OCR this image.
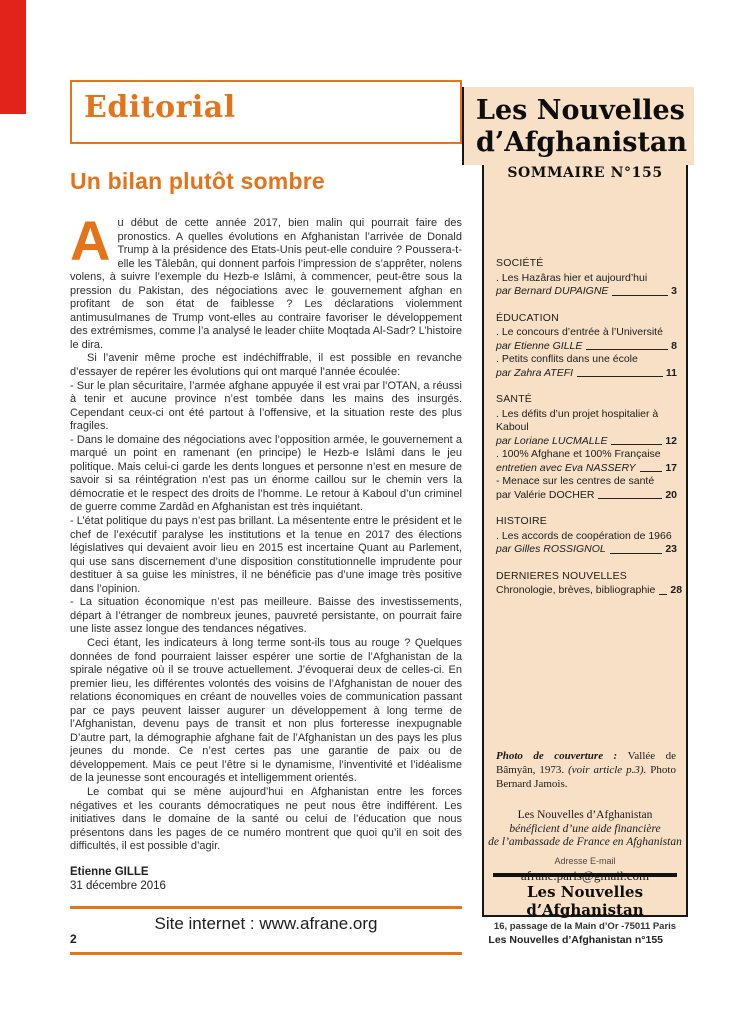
Editorial
Un bilan plutôt sombre

Au début de cette année 2017, bien malin qui pourrait faire des pronostics. A quelles évolutions en Afghanistan l’arrivée de Donald Trump à la présidence des Etats-Unis peut-elle conduire ? Poussera-t-elle les Tâlebân, qui donnent parfois l’impression de s’apprêter, nolens volens, à suivre l’exemple du Hezb-e Islâmi, à commencer, peut-être sous la pression du Pakistan, des négociations avec le gouvernement afghan en profitant de son état de faiblesse ? Les déclarations violemment antimusulmanes de Trump vont-elles au contraire favoriser le développement des extrémismes, comme l’a analysé le leader chiite Moqtada Al-Sadr? L’histoire le dira.

Si l’avenir même proche est indéchiffrable, il est possible en revanche d’essayer de repérer les évolutions qui ont marqué l’année écoulée:

- Sur le plan sécuritaire, l’armée afghane appuyée il est vrai par l’OTAN, a réussi à tenir et aucune province n’est tombée dans les mains des insurgés. Cependant ceux-ci ont été partout à l’offensive, et la situation reste des plus fragiles.

- Dans le domaine des négociations avec l’opposition armée, le gouvernement a marqué un point en ramenant (en principe) le Hezb-e Islâmi dans le jeu politique. Mais celui-ci garde les dents longues et personne n’est en mesure de savoir si sa réintégration n’est pas un énorme caillou sur le chemin vers la démocratie et le respect des droits de l’homme. Le retour à Kaboul d’un criminel de guerre comme Zardâd en Afghanistan est très inquiétant.

- L’état politique du pays n’est pas brillant. La mésentente entre le président et le chef de l’exécutif paralyse les institutions et la tenue en 2017 des élections législatives qui devaient avoir lieu en 2015 est incertaine Quant au Parlement, qui use sans discernement d’une disposition constitutionnelle imprudente pour destituer à sa guise les ministres, il ne bénéficie pas d’une image très positive dans l’opinion.

- La situation économique n’est pas meilleure. Baisse des investissements, départ à l’étranger de nombreux jeunes, pauvreté persistante, on pourrait faire une liste assez longue des tendances négatives.

Ceci étant, les indicateurs à long terme sont-ils tous au rouge ? Quelques données de fond pourraient laisser espérer une sortie de l’Afghanistan de la spirale négative où il se trouve actuellement. J’évoquerai deux de celles-ci. En premier lieu, les différentes volontés des voisins de l’Afghanistan de nouer des relations économiques en créant de nouvelles voies de communication passant par ce pays peuvent laisser augurer un développement à long terme de l’Afghanistan, devenu pays de transit et non plus forteresse inexpugnable D’autre part, la démographie afghane fait de l’Afghanistan un des pays les plus jeunes du monde. Ce n’est certes pas une garantie de paix ou de développement. Mais ce peut l’être si le dynamisme, l’inventivité et l’idéalisme de la jeunesse sont encouragés et intelligemment orientés.

Le combat qui se mène aujourd’hui en Afghanistan entre les forces négatives et les courants démocratiques ne peut nous être indifférent. Les initiatives dans le domaine de la santé ou celui de l’éducation que nous présentons dans les pages de ce numéro montrent que quoi qu’il en soit des difficultés, il est possible d’agir.

Etienne GILLE
31 décembre 2016
Site internet : www.afrane.org
Les Nouvelles
d’Afghanistan
SOMMAIRE N°155
SOCIÉTÉ
. Les Hazâras hier et aujourd’hui
par Bernard DUPAIGNE	3
ÉDUCATION
. Le concours d’entrée à l’Université
par Etienne GILLE	8
. Petits conflits dans une école
par Zahra ATEFI	11
SANTÉ
. Les défits d’un projet hospitalier à Kaboul
par Loriane LUCMALLE	12
. 100% Afghane et 100% Française
entretien avec Eva NASSERY	17
- Menace sur les centres de santé
par Valérie DOCHER	20
HISTOIRE
. Les accords de coopération de 1966
par Gilles ROSSIGNOL	23
DERNIERES NOUVELLES
Chronologie, brèves, bibliographie 28
Photo de couverture : Vallée de Bâmyân, 1973. (voir article p.3). Photo Bernard Jamois.
Les Nouvelles d’Afghanistan
bénéficient d’une aide financière
de l’ambassade de France en Afghanistan
Adresse E-mail
Les Nouvelles d’Afghanistan
16, passage de la Main d’Or -75011 Paris
2	Les Nouvelles d’Afghanistan n°155
